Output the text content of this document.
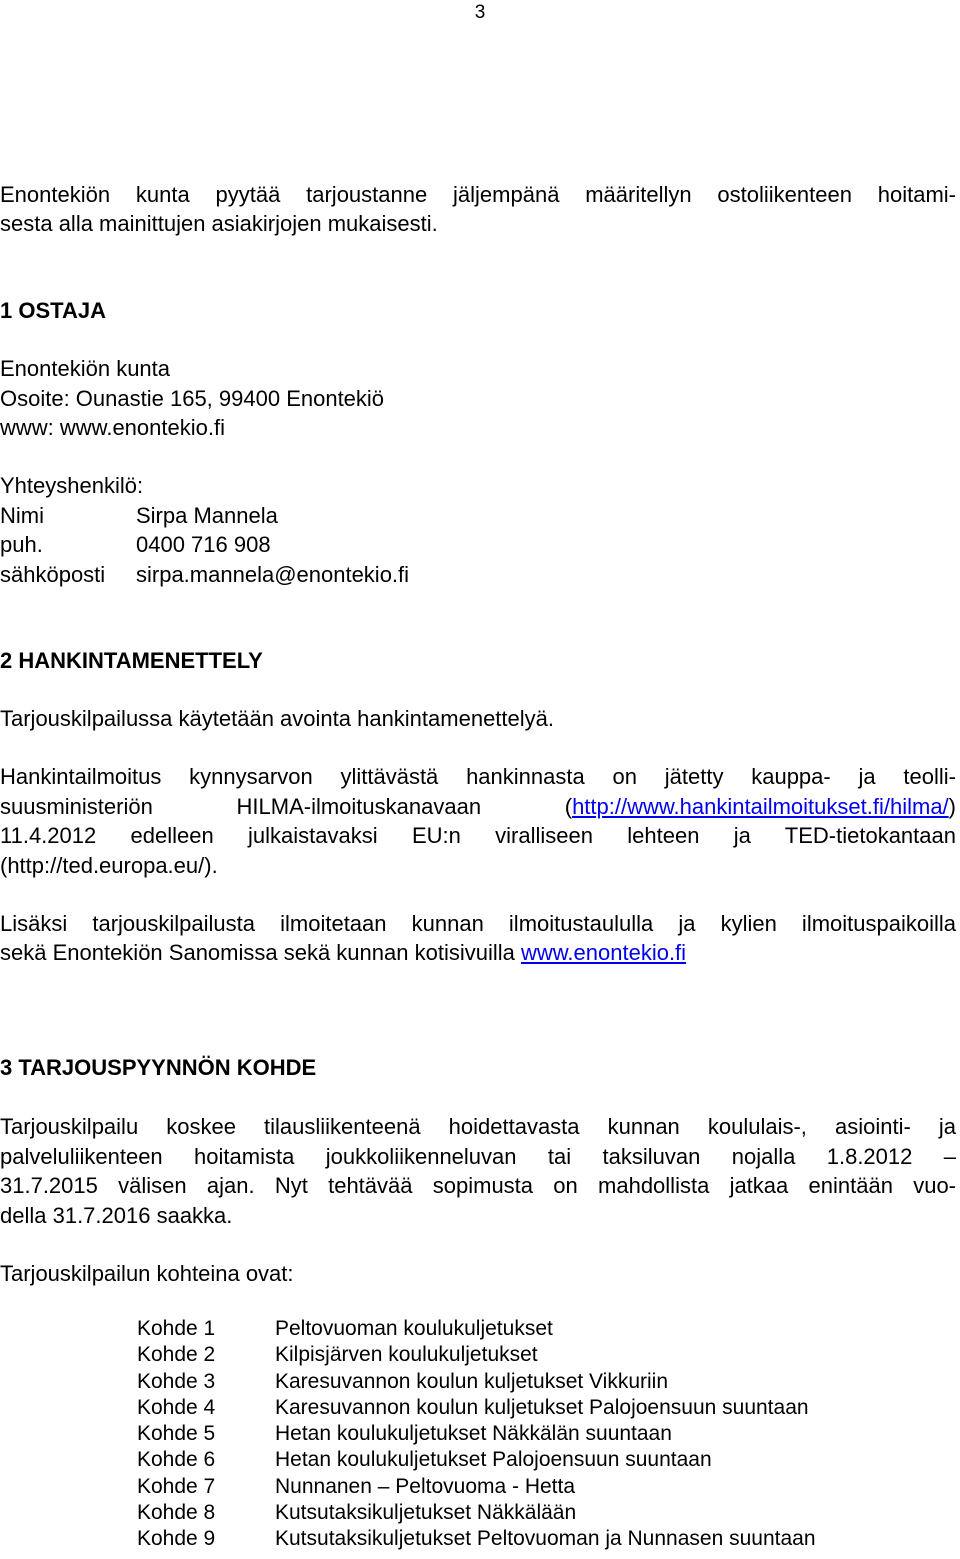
3
Enontekiön kunta pyytää tarjoustanne jäljempänä määritellyn ostoliikenteen hoitami-
sesta alla mainittujen asiakirjojen mukaisesti.
1 OSTAJA
Enontekiön kunta
Osoite: Ounastie 165, 99400 Enontekiö
www: www.enontekio.fi
Yhteyshenkilö:
Nimi	Sirpa Mannela
puh.	0400 716 908
sähköposti sirpa.mannela@enontekio.fi
2 HANKINTAMENETTELY
Tarjouskilpailussa käytetään avointa hankintamenettelyä.
Hankintailmoitus kynnysarvon ylittävästä hankinnasta on jätetty kauppa- ja teolli-
suusministeriön HILMA-ilmoituskanavaan (http://www.hankintailmoitukset.fi/hilma/)
11.4.2012 edelleen julkaistavaksi EU:n viralliseen lehteen ja TED-tietokantaan
(http://ted.europa.eu/).
Lisäksi tarjouskilpailusta ilmoitetaan kunnan ilmoitustaululla ja kylien ilmoituspaikoilla
sekä Enontekiön Sanomissa sekä kunnan kotisivuilla www.enontekio.fi
3 TARJOUSPYYNNÖN KOHDE
Tarjouskilpailu koskee tilausliikenteenä hoidettavasta kunnan koululais-, asiointi- ja
palveluliikenteen hoitamista joukkoliikenneluvan tai taksiluvan nojalla 1.8.2012 –
31.7.2015 välisen ajan. Nyt tehtävää sopimusta on mahdollista jatkaa enintään vuo-
della 31.7.2016 saakka.
Tarjouskilpailun kohteina ovat:
Kohde 1	Peltovuoman koulukuljetukset
Kohde 2	Kilpisjärven koulukuljetukset
Kohde 3	Karesuvannon koulun kuljetukset Vikkuriin
Kohde 4	Karesuvannon koulun kuljetukset Palojoensuun suuntaan
Kohde 5	Hetan koulukuljetukset Näkkälän suuntaan
Kohde 6	Hetan koulukuljetukset Palojoensuun suuntaan
Kohde 7	Nunnanen – Peltovuoma - Hetta
Kohde 8	Kutsutaksikuljetukset Näkkälään
Kohde 9	Kutsutaksikuljetukset Peltovuoman ja Nunnasen suuntaan
